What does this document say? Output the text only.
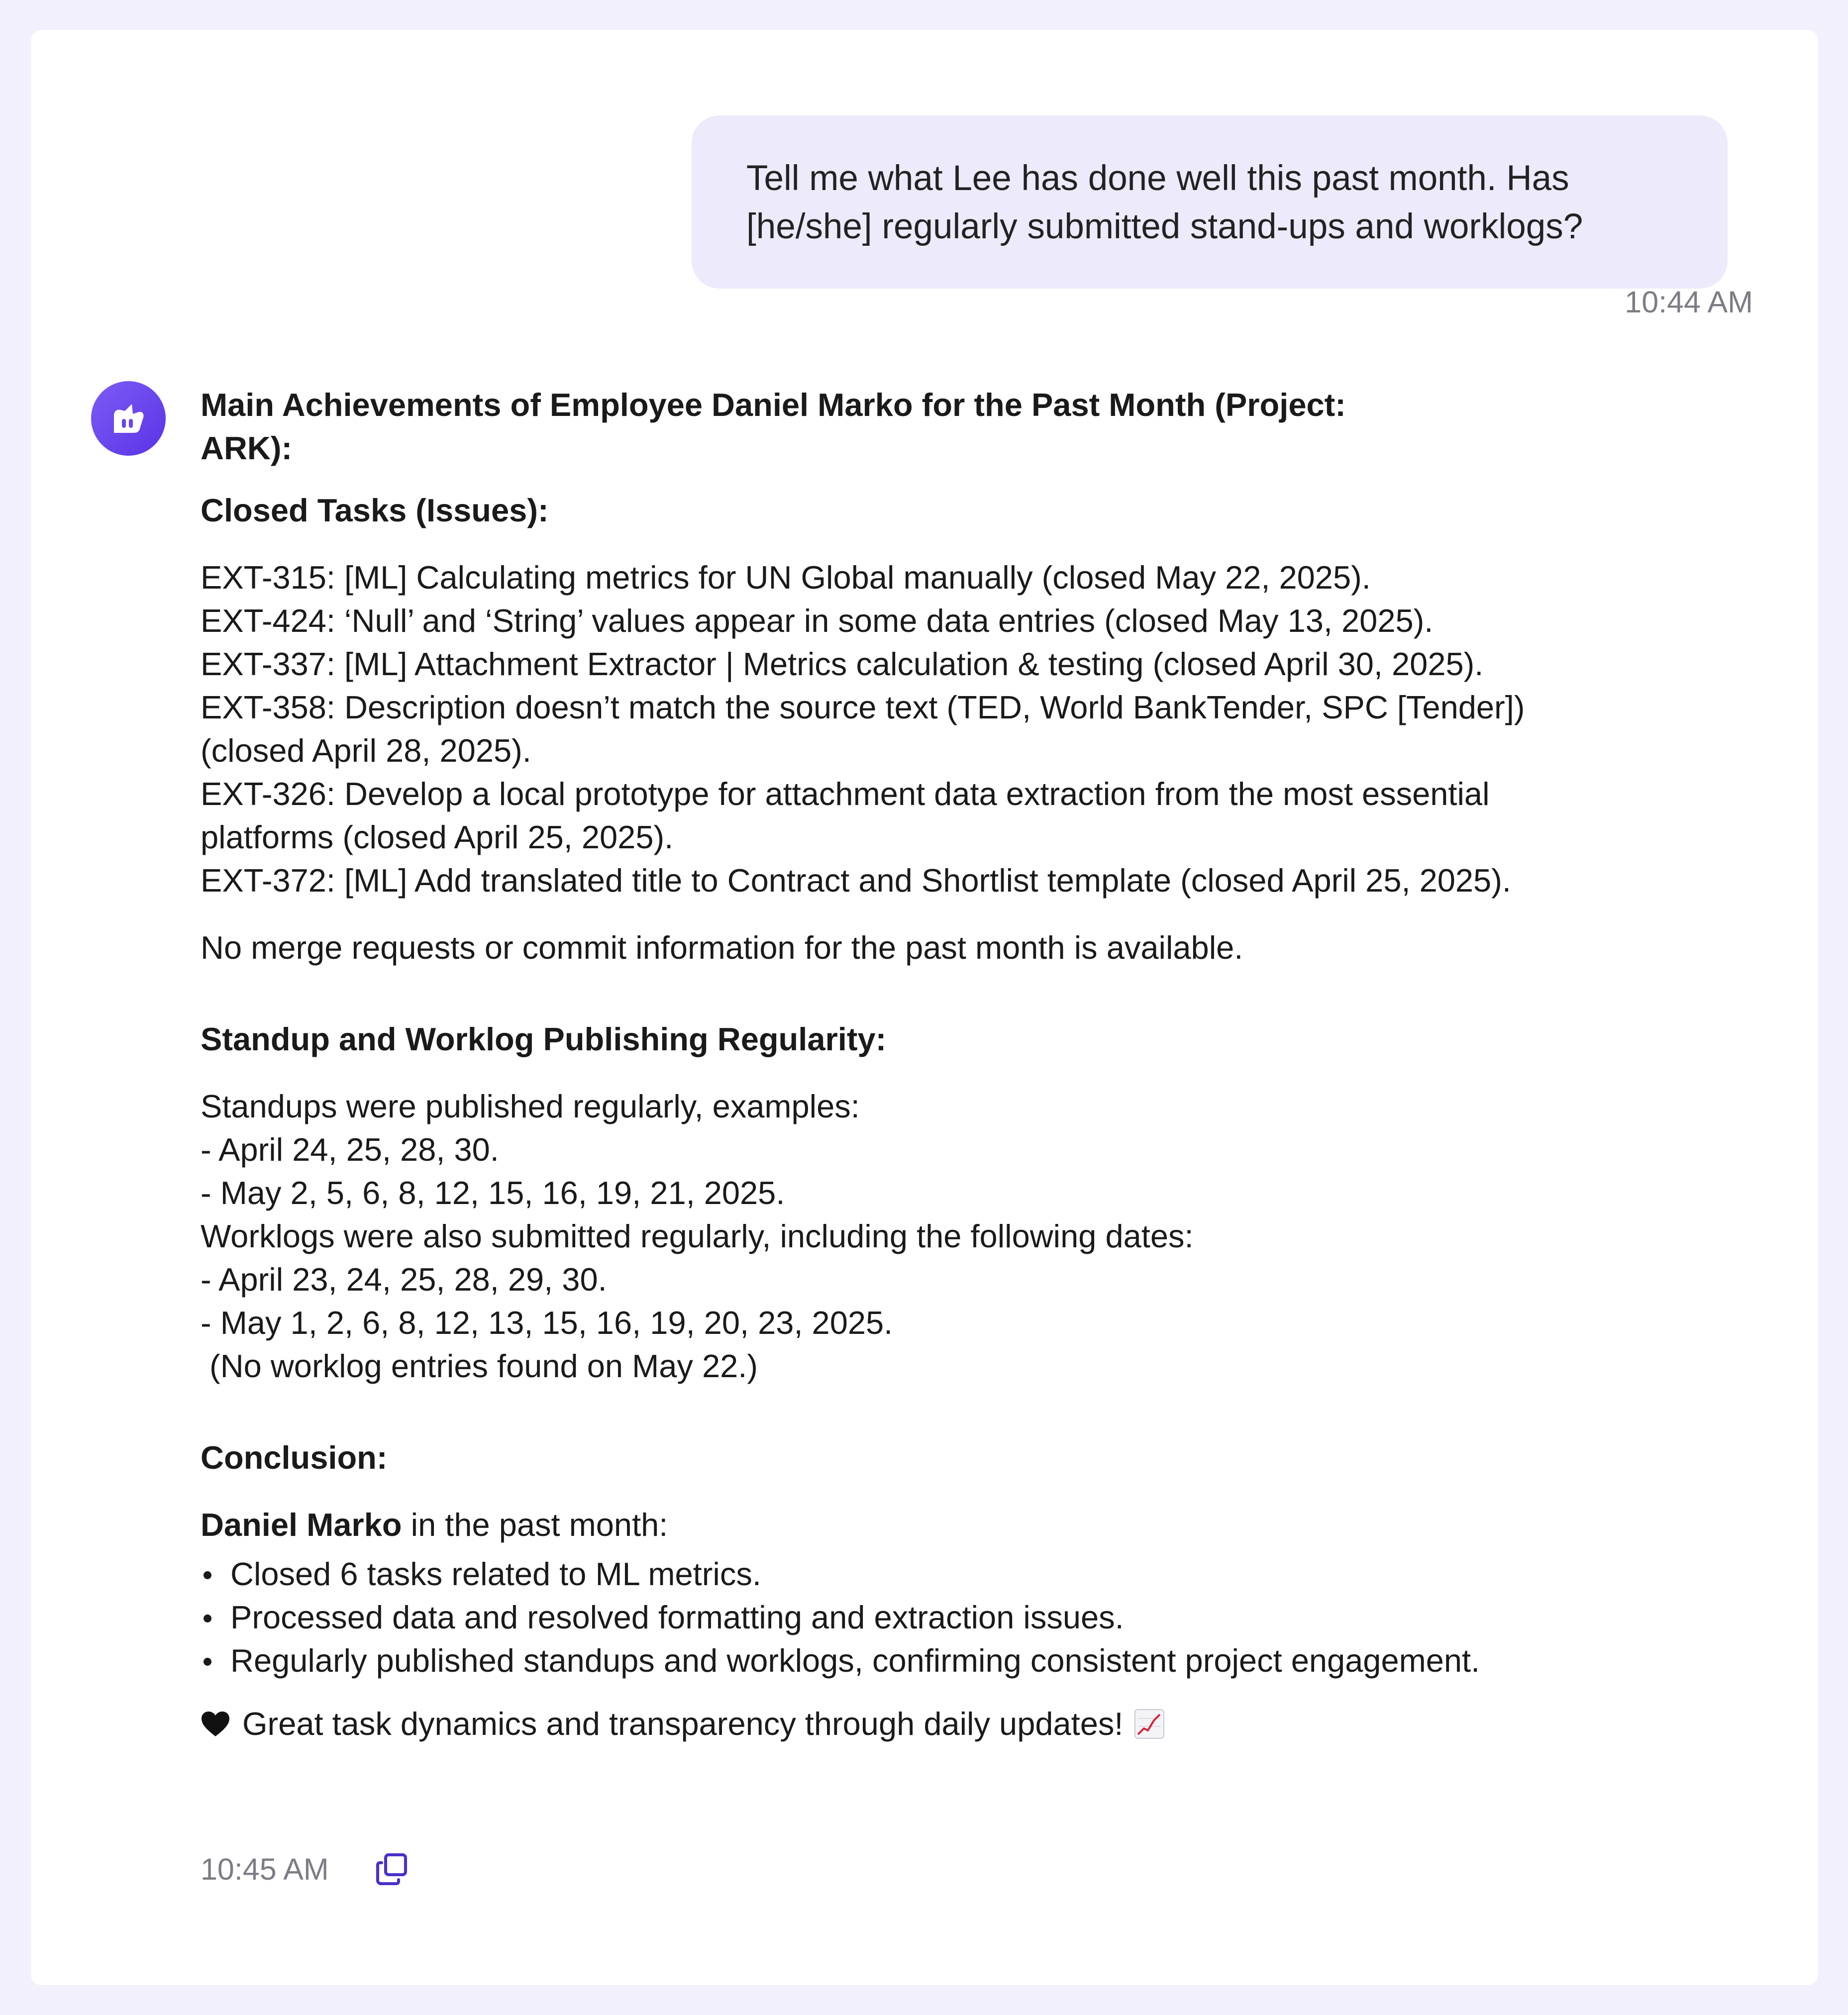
Tell me what Lee has done well this past month. Has
[he/she] regularly submitted stand-ups and worklogs?
10:44 AM
Main Achievements of Employee Daniel Marko for the Past Month (Project:
ARK):
Closed Tasks (Issues):
EXT-315: [ML] Calculating metrics for UN Global manually (closed May 22, 2025).
EXT-424: ‘Null’ and ‘String’ values appear in some data entries (closed May 13, 2025).
EXT-337: [ML] Attachment Extractor | Metrics calculation & testing (closed April 30, 2025).
EXT-358: Description doesn’t match the source text (TED, World BankTender, SPC [Tender])
(closed April 28, 2025).
EXT-326: Develop a local prototype for attachment data extraction from the most essential
platforms (closed April 25, 2025).
EXT-372: [ML] Add translated title to Contract and Shortlist template (closed April 25, 2025).
No merge requests or commit information for the past month is available.
Standup and Worklog Publishing Regularity:
Standups were published regularly, examples:
- April 24, 25, 28, 30.
- May 2, 5, 6, 8, 12, 15, 16, 19, 21, 2025.
Worklogs were also submitted regularly, including the following dates:
- April 23, 24, 25, 28, 29, 30.
- May 1, 2, 6, 8, 12, 13, 15, 16, 19, 20, 23, 2025.
(No worklog entries found on May 22.)
Conclusion:
Daniel Marko in the past month:
Closed 6 tasks related to ML metrics.
Processed data and resolved formatting and extraction issues.
Regularly published standups and worklogs, confirming consistent project engagement.
Great task dynamics and transparency through daily updates!
10:45 AM
